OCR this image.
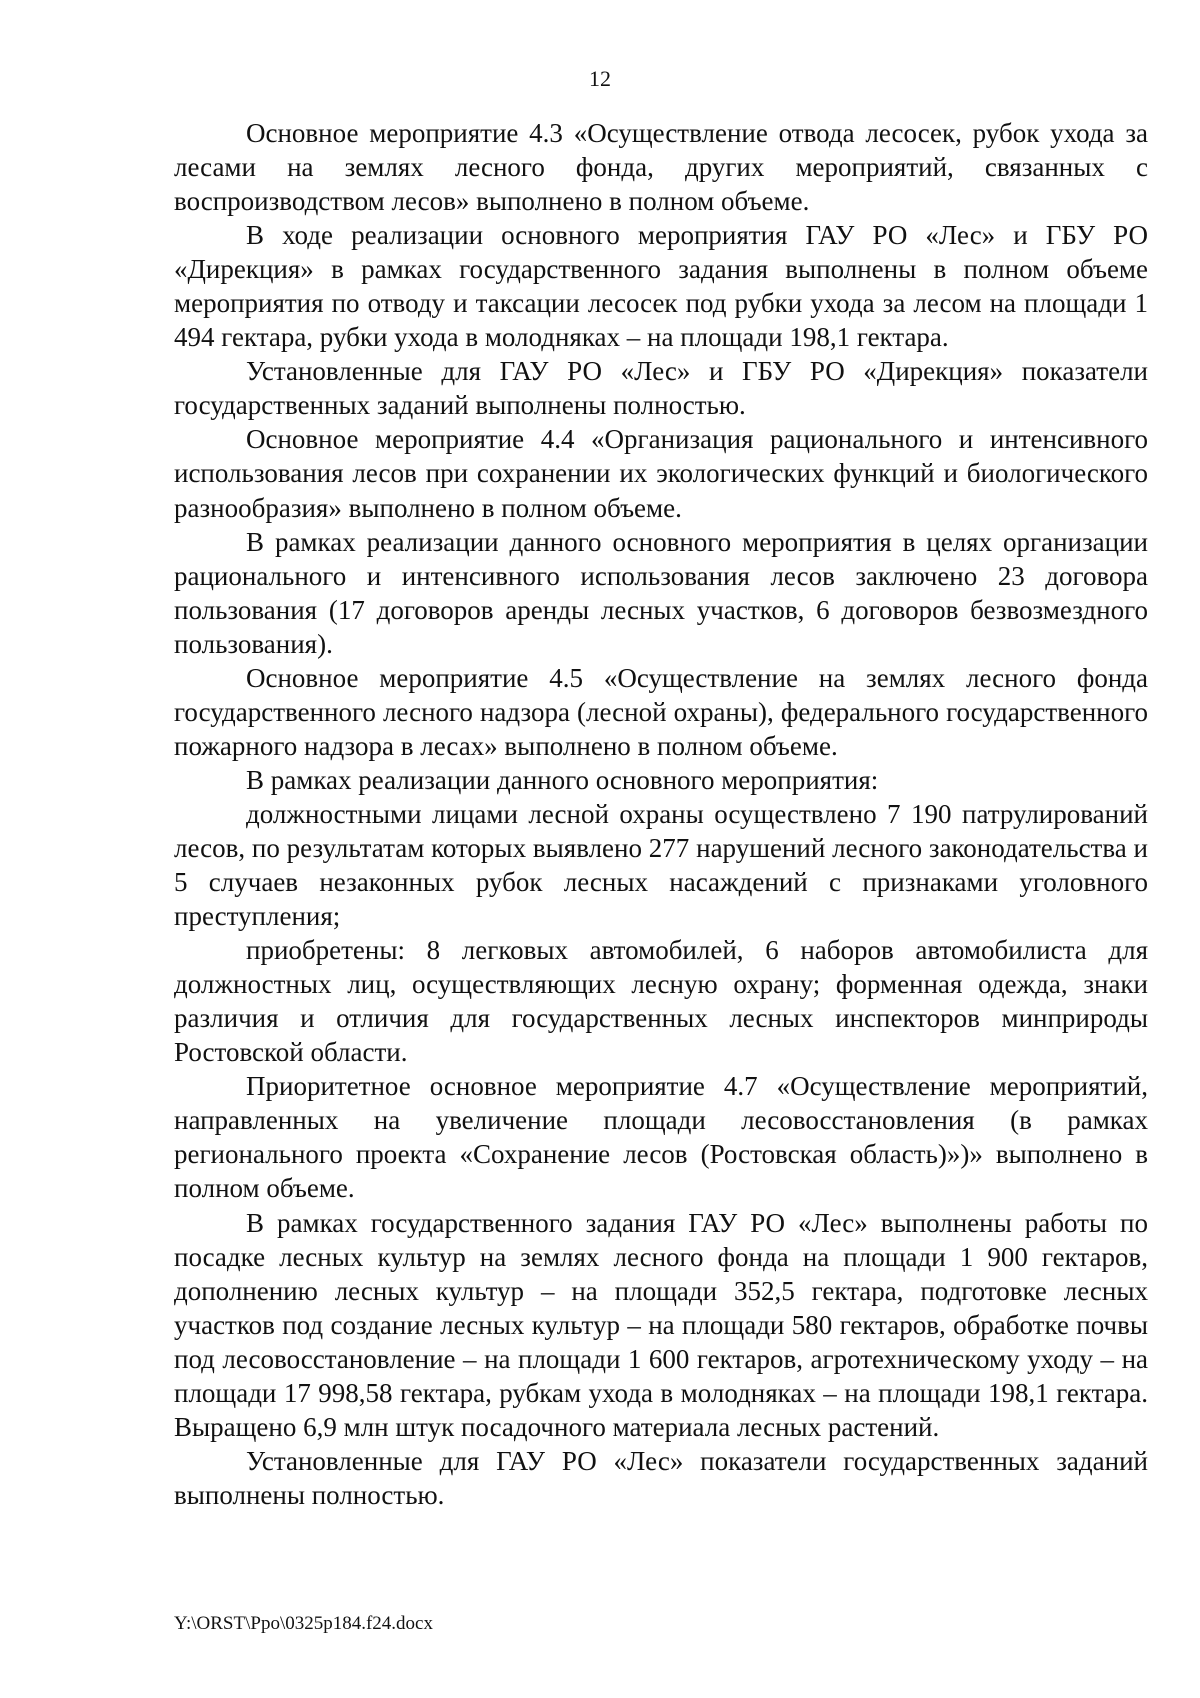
12

Основное мероприятие 4.3 «Осуществление отвода лесосек, рубок ухода за лесами на землях лесного фонда, других мероприятий, связанных с воспроизводством лесов» выполнено в полном объеме.

В ходе реализации основного мероприятия ГАУ РО «Лес» и ГБУ РО «Дирекция» в рамках государственного задания выполнены в полном объеме мероприятия по отводу и таксации лесосек под рубки ухода за лесом на площади 1 494 гектара, рубки ухода в молодняках – на площади 198,1 гектара.

Установленные для ГАУ РО «Лес» и ГБУ РО «Дирекция» показатели государственных заданий выполнены полностью.

Основное мероприятие 4.4 «Организация рационального и интенсивного использования лесов при сохранении их экологических функций и биологического разнообразия» выполнено в полном объеме.

В рамках реализации данного основного мероприятия в целях организации рационального и интенсивного использования лесов заключено 23 договора пользования (17 договоров аренды лесных участков, 6 договоров безвозмездного пользования).

Основное мероприятие 4.5 «Осуществление на землях лесного фонда государственного лесного надзора (лесной охраны), федерального государственного пожарного надзора в лесах» выполнено в полном объеме.

В рамках реализации данного основного мероприятия:

должностными лицами лесной охраны осуществлено 7 190 патрулирований лесов, по результатам которых выявлено 277 нарушений лесного законодательства и 5 случаев незаконных рубок лесных насаждений с признаками уголовного преступления;

приобретены: 8 легковых автомобилей, 6 наборов автомобилиста для должностных лиц, осуществляющих лесную охрану; форменная одежда, знаки различия и отличия для государственных лесных инспекторов минприроды Ростовской области.

Приоритетное основное мероприятие 4.7 «Осуществление мероприятий, направленных на увеличение площади лесовосстановления (в рамках регионального проекта «Сохранение лесов (Ростовская область)»)» выполнено в полном объеме.

В рамках государственного задания ГАУ РО «Лес» выполнены работы по посадке лесных культур на землях лесного фонда на площади 1 900 гектаров, дополнению лесных культур – на площади 352,5 гектара, подготовке лесных участков под создание лесных культур – на площади 580 гектаров, обработке почвы под лесовосстановление – на площади 1 600 гектаров, агротехническому уходу – на площади 17 998,58 гектара, рубкам ухода в молодняках – на площади 198,1 гектара. Выращено 6,9 млн штук посадочного материала лесных растений.

Установленные для ГАУ РО «Лес» показатели государственных заданий выполнены полностью.

Y:\ORST\Ppo\0325p184.f24.docx
